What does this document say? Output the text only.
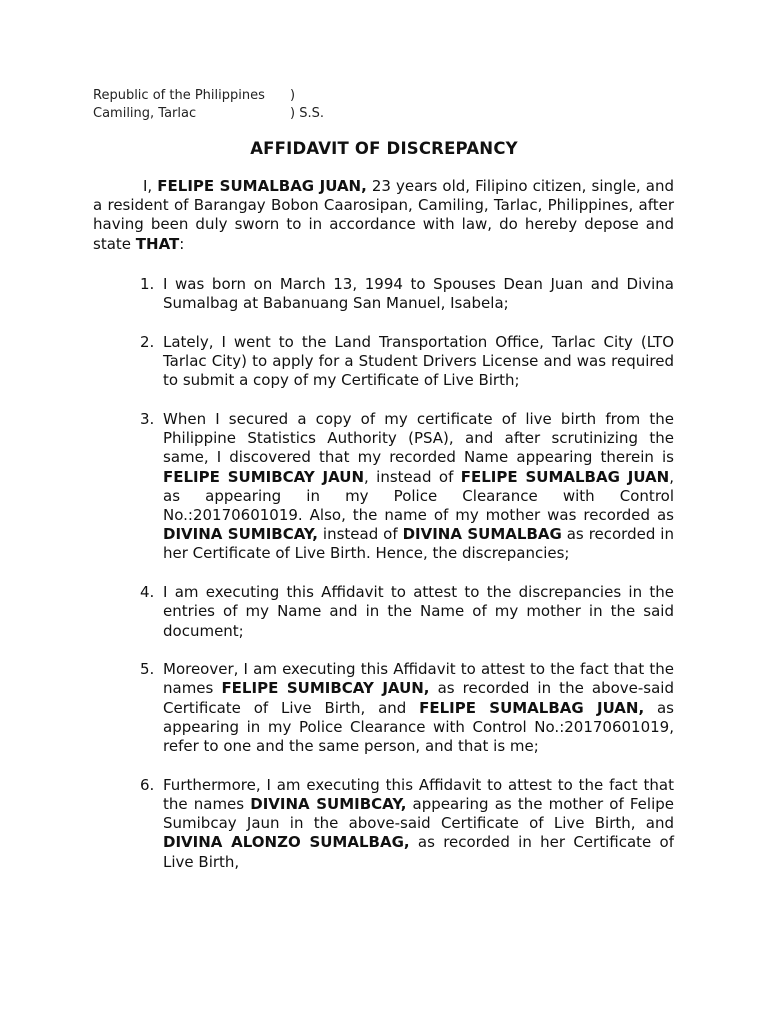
Republic of the Philippines	)
Camiling, Tarlac	) S.S.
AFFIDAVIT OF DISCREPANCY

I, FELIPE SUMALBAG JUAN, 23 years old, Filipino citizen, single, and a resident of Barangay Bobon Caarosipan, Camiling, Tarlac, Philippines, after having been duly sworn to in accordance with law, do hereby depose and state THAT:

1. I was born on March 13, 1994 to Spouses Dean Juan and Divina Sumalbag at Babanuang San Manuel, Isabela;
2. Lately, I went to the Land Transportation Office, Tarlac City (LTO Tarlac City) to apply for a Student Drivers License and was required to submit a copy of my Certificate of Live Birth;
3. When I secured a copy of my certificate of live birth from the Philippine Statistics Authority (PSA), and after scrutinizing the same, I discovered that my recorded Name appearing therein is FELIPE SUMIBCAY JAUN, instead of FELIPE SUMALBAG JUAN, as appearing in my Police Clearance with Control No.:20170601019. Also, the name of my mother was recorded as DIVINA SUMIBCAY, instead of DIVINA SUMALBAG as recorded in her Certificate of Live Birth. Hence, the discrepancies;
4. I am executing this Affidavit to attest to the discrepancies in the entries of my Name and in the Name of my mother in the said document;
5. Moreover, I am executing this Affidavit to attest to the fact that the names FELIPE SUMIBCAY JAUN, as recorded in the above-said Certificate of Live Birth, and FELIPE SUMALBAG JUAN, as appearing in my Police Clearance with Control No.:20170601019, refer to one and the same person, and that is me;
6. Furthermore, I am executing this Affidavit to attest to the fact that the names DIVINA SUMIBCAY, appearing as the mother of Felipe Sumibcay Jaun in the above-said Certificate of Live Birth, and DIVINA ALONZO SUMALBAG, as recorded in her Certificate of Live Birth,
